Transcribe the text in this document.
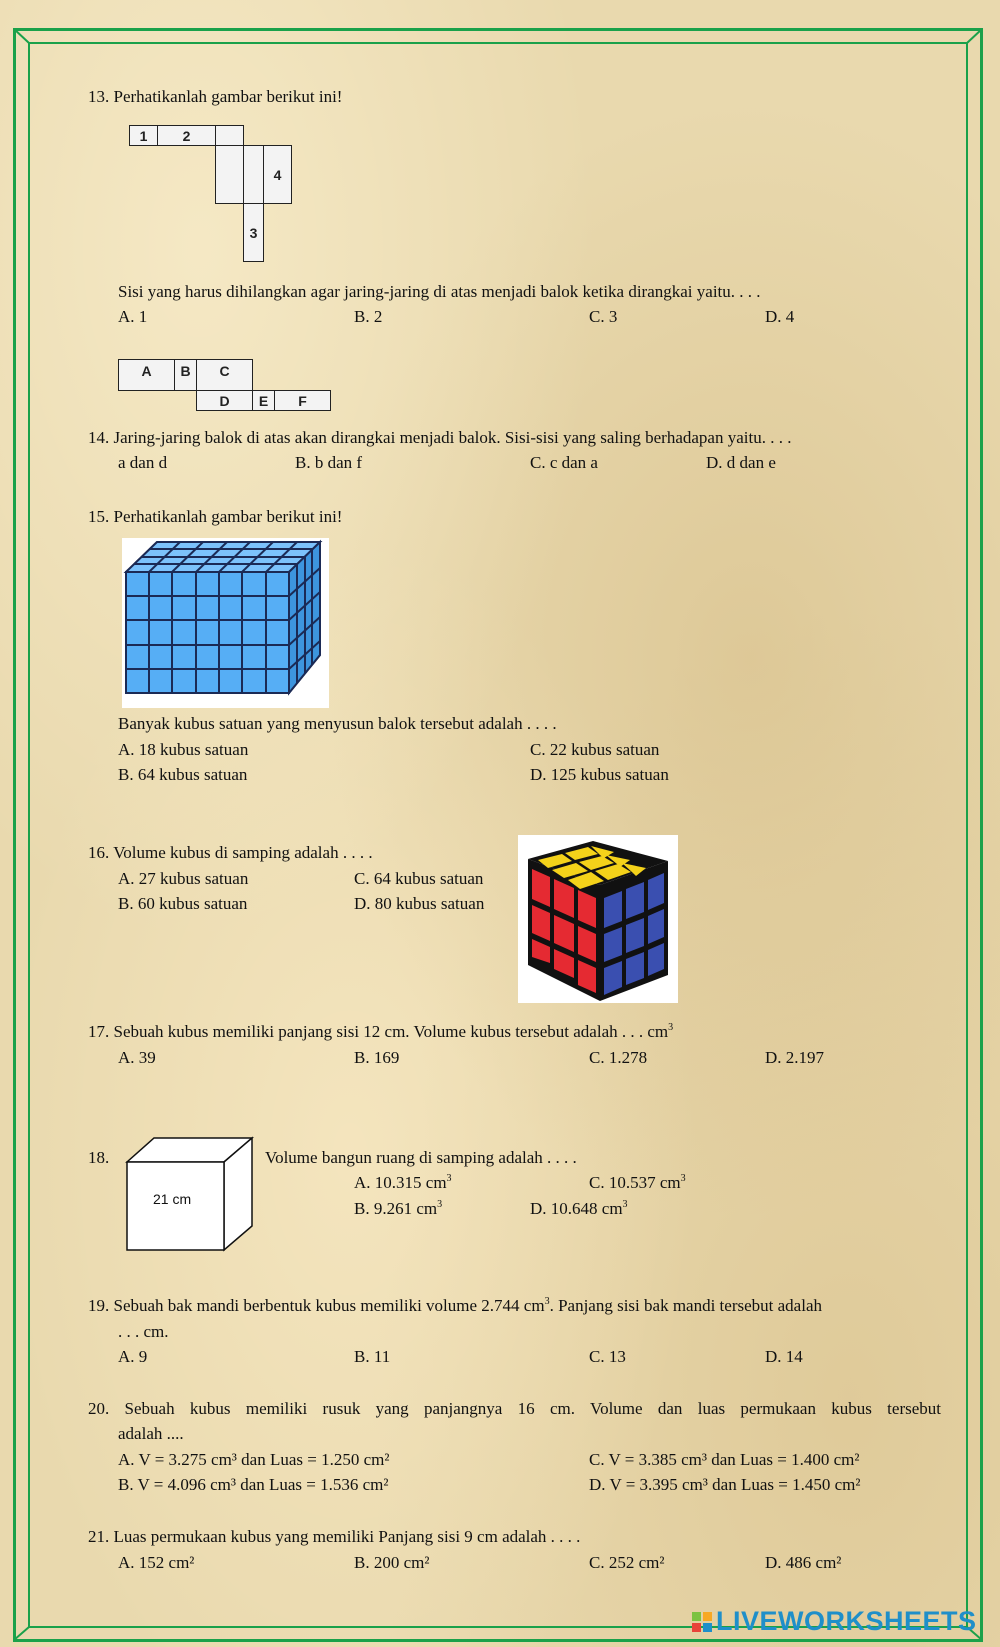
13. Perhatikanlah gambar berikut ini!
1	2
4
3
Sisi yang harus dihilangkan agar jaring-jaring di atas menjadi balok ketika dirangkai yaitu. . . .
A. 1	B. 2	C. 3	D. 4
A	B	C
D	E	F
14. Jaring-jaring balok di atas akan dirangkai menjadi balok. Sisi-sisi yang saling berhadapan yaitu. . . .
a dan d	B. b dan f	C. c dan a	D. d dan e
15. Perhatikanlah gambar berikut ini!
Banyak kubus satuan yang menyusun balok tersebut adalah . . . .
A. 18 kubus satuan	C. 22 kubus satuan
B. 64 kubus satuan	D. 125 kubus satuan
16. Volume kubus di samping adalah . . . .
A. 27 kubus satuan	C. 64 kubus satuan
B. 60 kubus satuan	D. 80 kubus satuan
17. Sebuah kubus memiliki panjang sisi 12 cm. Volume kubus tersebut adalah . . . $cm^3$
A. 39	B. 169	C. 1.278	D. 2.197
18.
21 cm
Volume bangun ruang di samping adalah . . . .
A. 10.315 $cm^3$	C. 10.537 $cm^3$
B. 9.261 $cm^3$	D. 10.648 $cm^3$
19. Sebuah bak mandi berbentuk kubus memiliki volume 2.744 $cm^3$. Panjang sisi bak mandi tersebut adalah
. . . cm.
A. 9	B. 11	C. 13	D. 14
20. Sebuah kubus memiliki rusuk yang panjangnya 16 cm. Volume dan luas permukaan kubus tersebut
adalah ....
A. V = 3.275 cm³ dan Luas = 1.250 cm²	C. V = 3.385 cm³ dan Luas = 1.400 cm²
B. V = 4.096 cm³ dan Luas = 1.536 cm²	D. V = 3.395 cm³ dan Luas = 1.450 cm²
21. Luas permukaan kubus yang memiliki Panjang sisi 9 cm adalah . . . .
A. 152 cm²	B. 200 cm²	C. 252 cm²	D. 486 cm²
LIVEWORKSHEETS
